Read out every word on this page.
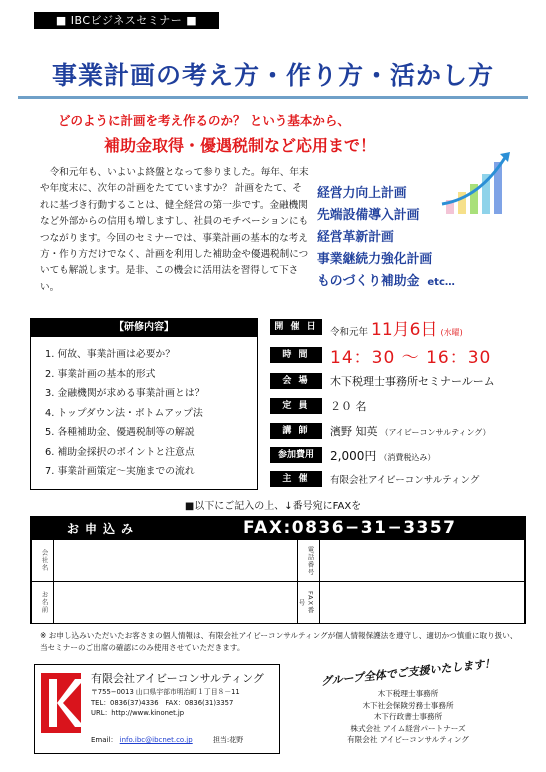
■ IBCビジネスセミナー ■
事業計画の考え方・作り方・活かし方
どのように計画を考え作るのか？ という基本から、
補助金取得・優遇税制など応用まで！
令和元年も、いよいよ終盤となって参りました。毎年、年末や年度末に、次年の計画をたてていますか？ 計画をたて、それに基づき行動することは、健全経営の第一歩です。金融機関など外部からの信用も増しますし、社員のモチベーションにもつながります。今回のセミナーでは、事業計画の基本的な考え方・作り方だけでなく、計画を利用した補助金や優遇税制についても解説します。是非、この機会に活用法を習得して下さい。
経営力向上計画
先端設備導入計画
経営革新計画
事業継続力強化計画
ものづくり補助金 etc…
【研修内容】
1. 何故、事業計画は必要か？
2. 事業計画の基本的形式
3. 金融機関が求める事業計画とは？
4. トップダウン法・ボトムアップ法
5. 各種補助金、優遇税制等の解説
6. 補助金採択のポイントと注意点
7. 事業計画策定～実施までの流れ
開 催 日	令和元年 11月6日 (水曜)
時 間	14：30 ～ 16：30
会 場	木下税理士事務所セミナールーム
定 員	２０ 名
講 師	濱野 知英 （アイビーコンサルティング）
参加費用	2,000円 （消費税込み）
主 催	有限会社アイビーコンサルティング
■以下にご記入の上、↓番号宛にFAXを
お申込み	FAX:0836−31−3357
会社名		電話番号	

お名前		FAX番号	

※ お申し込みいただいたお客さまの個人情報は、有限会社アイビーコンサルティングが個人情報保護法を遵守し、適切かつ慎重に取り扱い、当セミナーのご出席の確認にのみ使用させていただきます。
有限会社アイビーコンサルティング
〒755−0013 山口県宇部市明治町１丁目８－11
TEL：0836(37)4336　FAX：0836(31)3357
URL：http://www.kinonet.jp
Email： info.ibc@ibcnet.co.jp	担当:花野
グループ全体でご支援いたします！
木下税理士事務所
木下社会保険労務士事務所
木下行政書士事務所
株式会社 アイム経営パートナーズ
有限会社 アイビーコンサルティング
